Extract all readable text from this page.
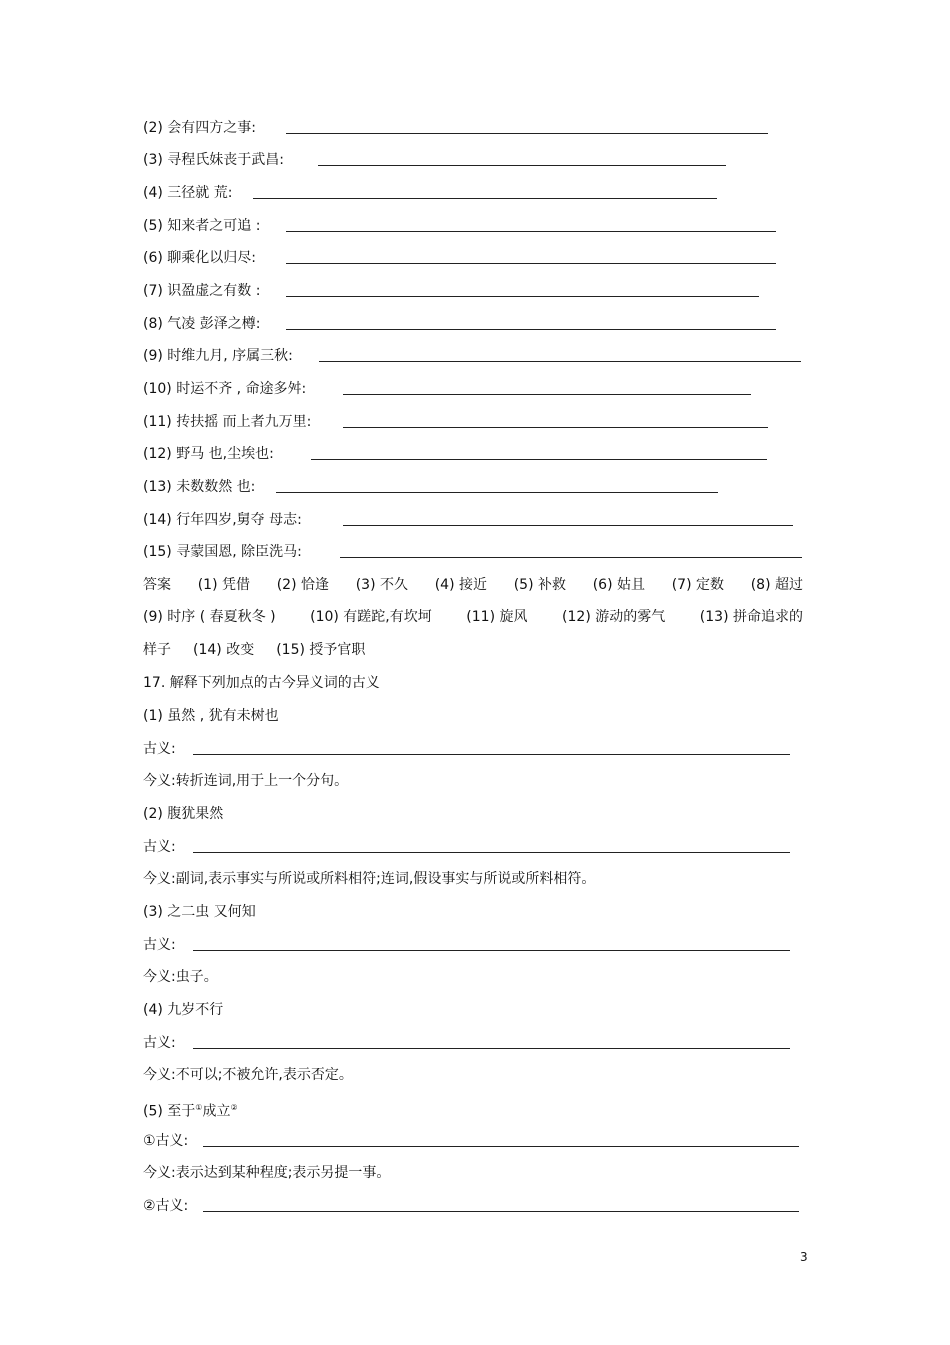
(2) 会有四方之事:
(3) 寻程氏妹丧于武昌:
(4) 三径就 荒:
(5) 知来者之可追 :
(6) 聊乘化以归尽:
(7) 识盈虚之有数 :
(8) 气凌 彭泽之樽:
(9) 时维九月, 序属三秋:
(10) 时运不齐 , 命途多舛:
(11) 抟扶摇 而上者九万里:
(12) 野马 也,尘埃也:
(13) 未数数然 也:
(14) 行年四岁,舅夺 母志:
(15) 寻蒙国恩, 除臣洗马:
答案 (1) 凭借 (2) 恰逢 (3) 不久 (4) 接近 (5) 补救 (6) 姑且 (7) 定数 (8) 超过
(9) 时序 ( 春夏秋冬 ) (10) 有蹉跎,有坎坷 (11) 旋风 (12) 游动的雾气 (13) 拼命追求的
样子 (14) 改变 (15) 授予官职
17. 解释下列加点的古今异义词的古义
(1) 虽然 , 犹有未树也
古义:
今义:转折连词,用于上一个分句。
(2) 腹犹果然
古义:
今义:副词,表示事实与所说或所料相符;连词,假设事实与所说或所料相符。
(3) 之二虫 又何知
古义:
今义:虫子。
(4) 九岁不行
古义:
今义:不可以;不被允许,表示否定。
(5) 至于①成立②
①古义:
今义:表示达到某种程度;表示另提一事。
②古义:
3
